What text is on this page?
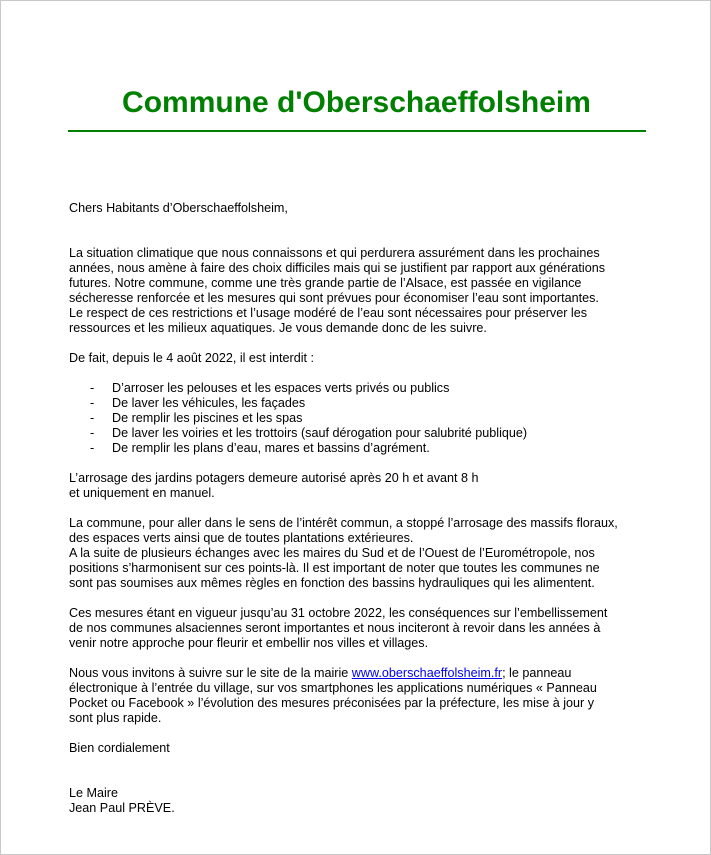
Commune d'Oberschaeffolsheim

Chers Habitants d’Oberschaeffolsheim,

La situation climatique que nous connaissons et qui perdurera assurément dans les prochaines
années, nous amène à faire des choix difficiles mais qui se justifient par rapport aux générations
futures. Notre commune, comme une très grande partie de l’Alsace, est passée en vigilance
sécheresse renforcée et les mesures qui sont prévues pour économiser l’eau sont importantes.
Le respect de ces restrictions et l’usage modéré de l’eau sont nécessaires pour préserver les
ressources et les milieux aquatiques. Je vous demande donc de les suivre.

De fait, depuis le 4 août 2022, il est interdit :

- D’arroser les pelouses et les espaces verts privés ou publics
- De laver les véhicules, les façades
- De remplir les piscines et les spas
- De laver les voiries et les trottoirs (sauf dérogation pour salubrité publique)
- De remplir les plans d’eau, mares et bassins d’agrément.
L’arrosage des jardins potagers demeure autorisé après 20 h et avant 8 h
et uniquement en manuel.
La commune, pour aller dans le sens de l’intérêt commun, a stoppé l’arrosage des massifs floraux,
des espaces verts ainsi que de toutes plantations extérieures.
A la suite de plusieurs échanges avec les maires du Sud et de l’Ouest de l’Eurométropole, nos
positions s’harmonisent sur ces points-là. Il est important de noter que toutes les communes ne
sont pas soumises aux mêmes règles en fonction des bassins hydrauliques qui les alimentent.
Ces mesures étant en vigueur jusqu’au 31 octobre 2022, les conséquences sur l’embellissement
de nos communes alsaciennes seront importantes et nous inciteront à revoir dans les années à
venir notre approche pour fleurir et embellir nos villes et villages.
Nous vous invitons à suivre sur le site de la mairie www.oberschaeffolsheim.fr; le panneau
électronique à l’entrée du village, sur vos smartphones les applications numériques « Panneau
Pocket ou Facebook » l’évolution des mesures préconisées par la préfecture, les mise à jour y
sont plus rapide.

Bien cordialement

Le Maire

Jean Paul PRÈVE.
